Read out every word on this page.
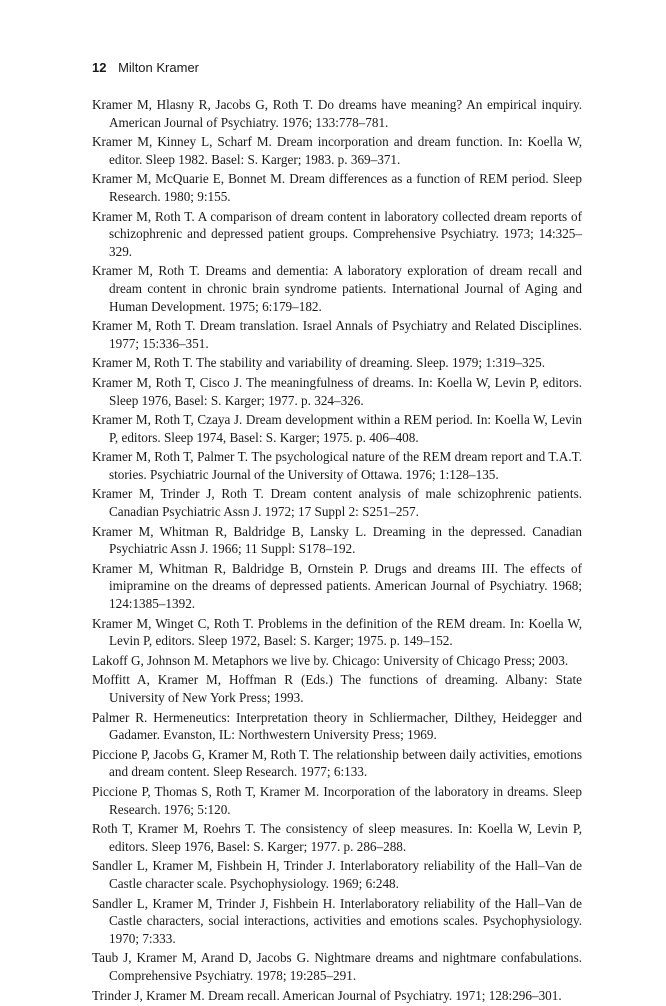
12 Milton Kramer
Kramer M, Hlasny R, Jacobs G, Roth T. Do dreams have meaning? An empirical inquiry. American Journal of Psychiatry. 1976; 133:778–781.
Kramer M, Kinney L, Scharf M. Dream incorporation and dream function. In: Koella W, editor. Sleep 1982. Basel: S. Karger; 1983. p. 369–371.
Kramer M, McQuarie E, Bonnet M. Dream differences as a function of REM period. Sleep Research. 1980; 9:155.
Kramer M, Roth T. A comparison of dream content in laboratory collected dream reports of schizophrenic and depressed patient groups. Comprehensive Psychiatry. 1973; 14:325–329.
Kramer M, Roth T. Dreams and dementia: A laboratory exploration of dream recall and dream content in chronic brain syndrome patients. International Journal of Aging and Human Development. 1975; 6:179–182.
Kramer M, Roth T. Dream translation. Israel Annals of Psychiatry and Related Disciplines. 1977; 15:336–351.
Kramer M, Roth T. The stability and variability of dreaming. Sleep. 1979; 1:319–325.
Kramer M, Roth T, Cisco J. The meaningfulness of dreams. In: Koella W, Levin P, editors. Sleep 1976, Basel: S. Karger; 1977. p. 324–326.
Kramer M, Roth T, Czaya J. Dream development within a REM period. In: Koella W, Levin P, editors. Sleep 1974, Basel: S. Karger; 1975. p. 406–408.
Kramer M, Roth T, Palmer T. The psychological nature of the REM dream report and T.A.T. stories. Psychiatric Journal of the University of Ottawa. 1976; 1:128–135.
Kramer M, Trinder J, Roth T. Dream content analysis of male schizophrenic patients. Canadian Psychiatric Assn J. 1972; 17 Suppl 2: S251–257.
Kramer M, Whitman R, Baldridge B, Lansky L. Dreaming in the depressed. Canadian Psychiatric Assn J. 1966; 11 Suppl: S178–192.
Kramer M, Whitman R, Baldridge B, Ornstein P. Drugs and dreams III. The effects of imipramine on the dreams of depressed patients. American Journal of Psychiatry. 1968; 124:1385–1392.
Kramer M, Winget C, Roth T. Problems in the definition of the REM dream. In: Koella W, Levin P, editors. Sleep 1972, Basel: S. Karger; 1975. p. 149–152.
Lakoff G, Johnson M. Metaphors we live by. Chicago: University of Chicago Press; 2003.
Moffitt A, Kramer M, Hoffman R (Eds.) The functions of dreaming. Albany: State University of New York Press; 1993.
Palmer R. Hermeneutics: Interpretation theory in Schliermacher, Dilthey, Heidegger and Gadamer. Evanston, IL: Northwestern University Press; 1969.
Piccione P, Jacobs G, Kramer M, Roth T. The relationship between daily activities, emotions and dream content. Sleep Research. 1977; 6:133.
Piccione P, Thomas S, Roth T, Kramer M. Incorporation of the laboratory in dreams. Sleep Research. 1976; 5:120.
Roth T, Kramer M, Roehrs T. The consistency of sleep measures. In: Koella W, Levin P, editors. Sleep 1976, Basel: S. Karger; 1977. p. 286–288.
Sandler L, Kramer M, Fishbein H, Trinder J. Interlaboratory reliability of the Hall–Van de Castle character scale. Psychophysiology. 1969; 6:248.
Sandler L, Kramer M, Trinder J, Fishbein H. Interlaboratory reliability of the Hall–Van de Castle characters, social interactions, activities and emotions scales. Psychophysiology. 1970; 7:333.
Taub J, Kramer M, Arand D, Jacobs G. Nightmare dreams and nightmare confabulations. Comprehensive Psychiatry. 1978; 19:285–291.
Trinder J, Kramer M. Dream recall. American Journal of Psychiatry. 1971; 128:296–301.
